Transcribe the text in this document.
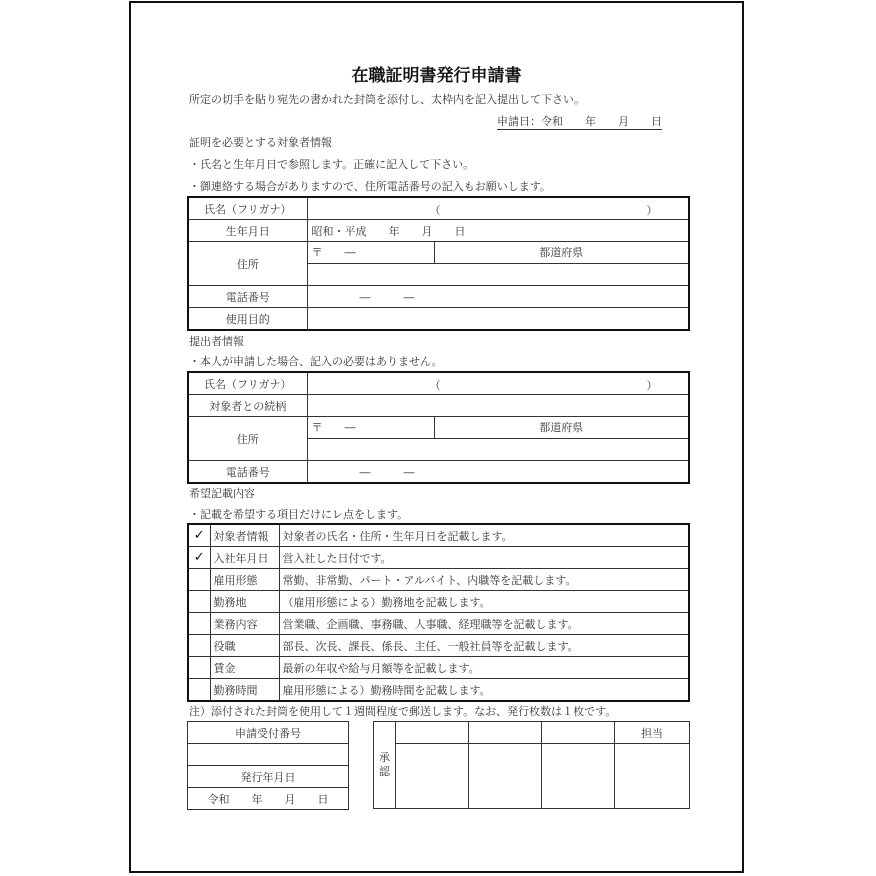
在職証明書発行申請書
所定の切手を貼り宛先の書かれた封筒を添付し、太枠内を記入提出して下さい。
申請日：令和　　年　　月　　日
証明を必要とする対象者情報
・氏名と生年月日で参照します。正確に記入して下さい。
・御連絡する場合がありますので、住所電話番号の記入もお願いします。
氏名（フリガナ）	（ ）

生年月日	昭和・平成　　年　　月　　日
住所	〒　　― 都道府県

電話番号	―　　　―
使用目的	
提出者情報
・本人が申請した場合、記入の必要はありません。
氏名（フリガナ）	（ ）

対象者との続柄	
住所	〒　　― 都道府県

電話番号	―　　　―
希望記載内容
・記載を希望する項目だけにレ点をします。
✓	対象者情報	対象者の氏名・住所・生年月日を記載します。
✓	入社年月日	営入社した日付です。
	雇用形態	常勤、非常勤、パート・アルバイト、内職等を記載します。
	勤務地	（雇用形態による）勤務地を記載します。
	業務内容	営業職、企画職、事務職、人事職、経理職等を記載します。
	役職	部長、次長、課長、係長、主任、一般社員等を記載します。
	賃金	最新の年収や給与月額等を記載します。
	勤務時間	雇用形態による）勤務時間を記載します。
注）添付された封筒を使用して１週間程度で郵送します。なお、発行枚数は１枚です。
申請受付番号

発行年月日
令和　　年　　月　　日
承認				担当
